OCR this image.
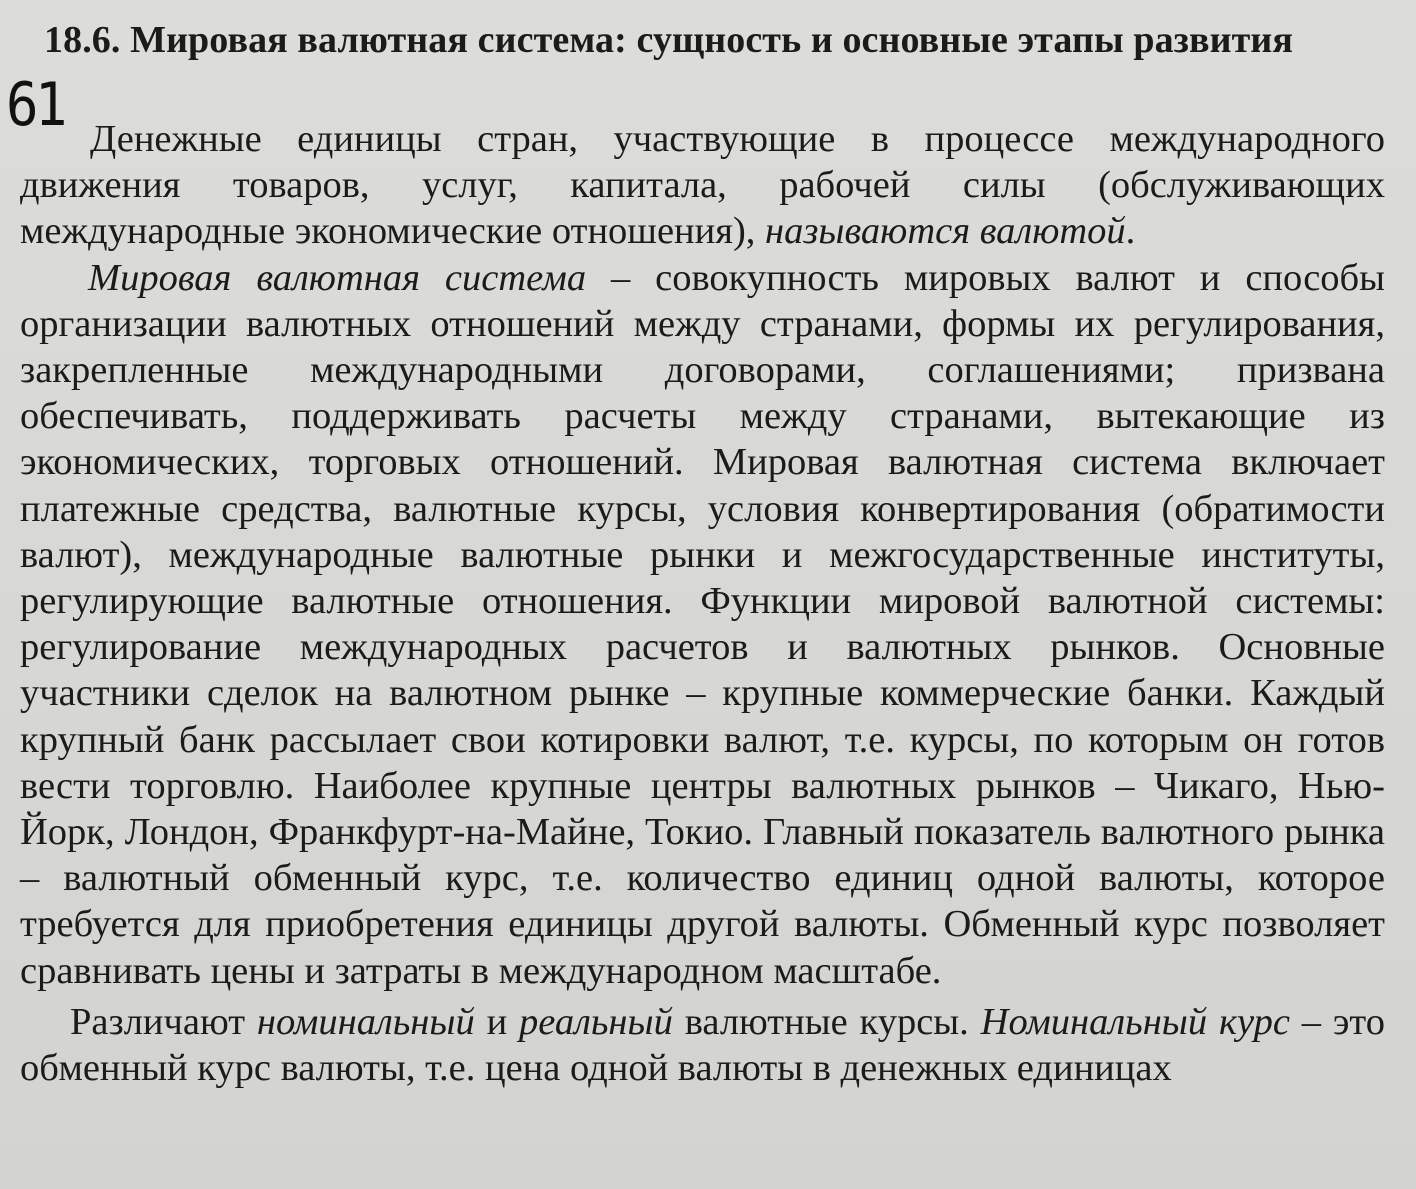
18.6. Мировая валютная система: сущность и основные этапы развития
61 Денежные единицы стран, участвующие в процессе международного движения товаров, услуг, капитала, рабочей силы (обслуживающих международные экономические отношения), называются валютой.

Мировая валютная система – совокупность мировых валют и способы организации валютных отношений между странами, формы их регулирования, закрепленные международными договорами, соглашениями; призвана обеспечивать, поддерживать расчеты между странами, вытекающие из экономических, торговых отношений. Мировая валютная система включает платежные средства, валютные курсы, условия конвертирования (обратимости валют), международные валютные рынки и межгосударственные институты, регулирующие валютные отношения. Функции мировой валютной системы: регулирование международных расчетов и валютных рынков. Основные участники сделок на валютном рынке – крупные коммерческие банки. Каждый крупный банк рассылает свои котировки валют, т.е. курсы, по которым он готов вести торговлю. Наиболее крупные центры валютных рынков – Чикаго, Нью-Йорк, Лондон, Франкфурт-на-Майне, Токио. Главный показатель валютного рынка – валютный обменный курс, т.е. количество единиц одной валюты, которое требуется для приобретения единицы другой валюты. Обменный курс позволяет сравнивать цены и затраты в международном масштабе.

Различают номинальный и реальный валютные курсы. Номинальный курс – это обменный курс валюты, т.е. цена одной валюты в денежных единицах
